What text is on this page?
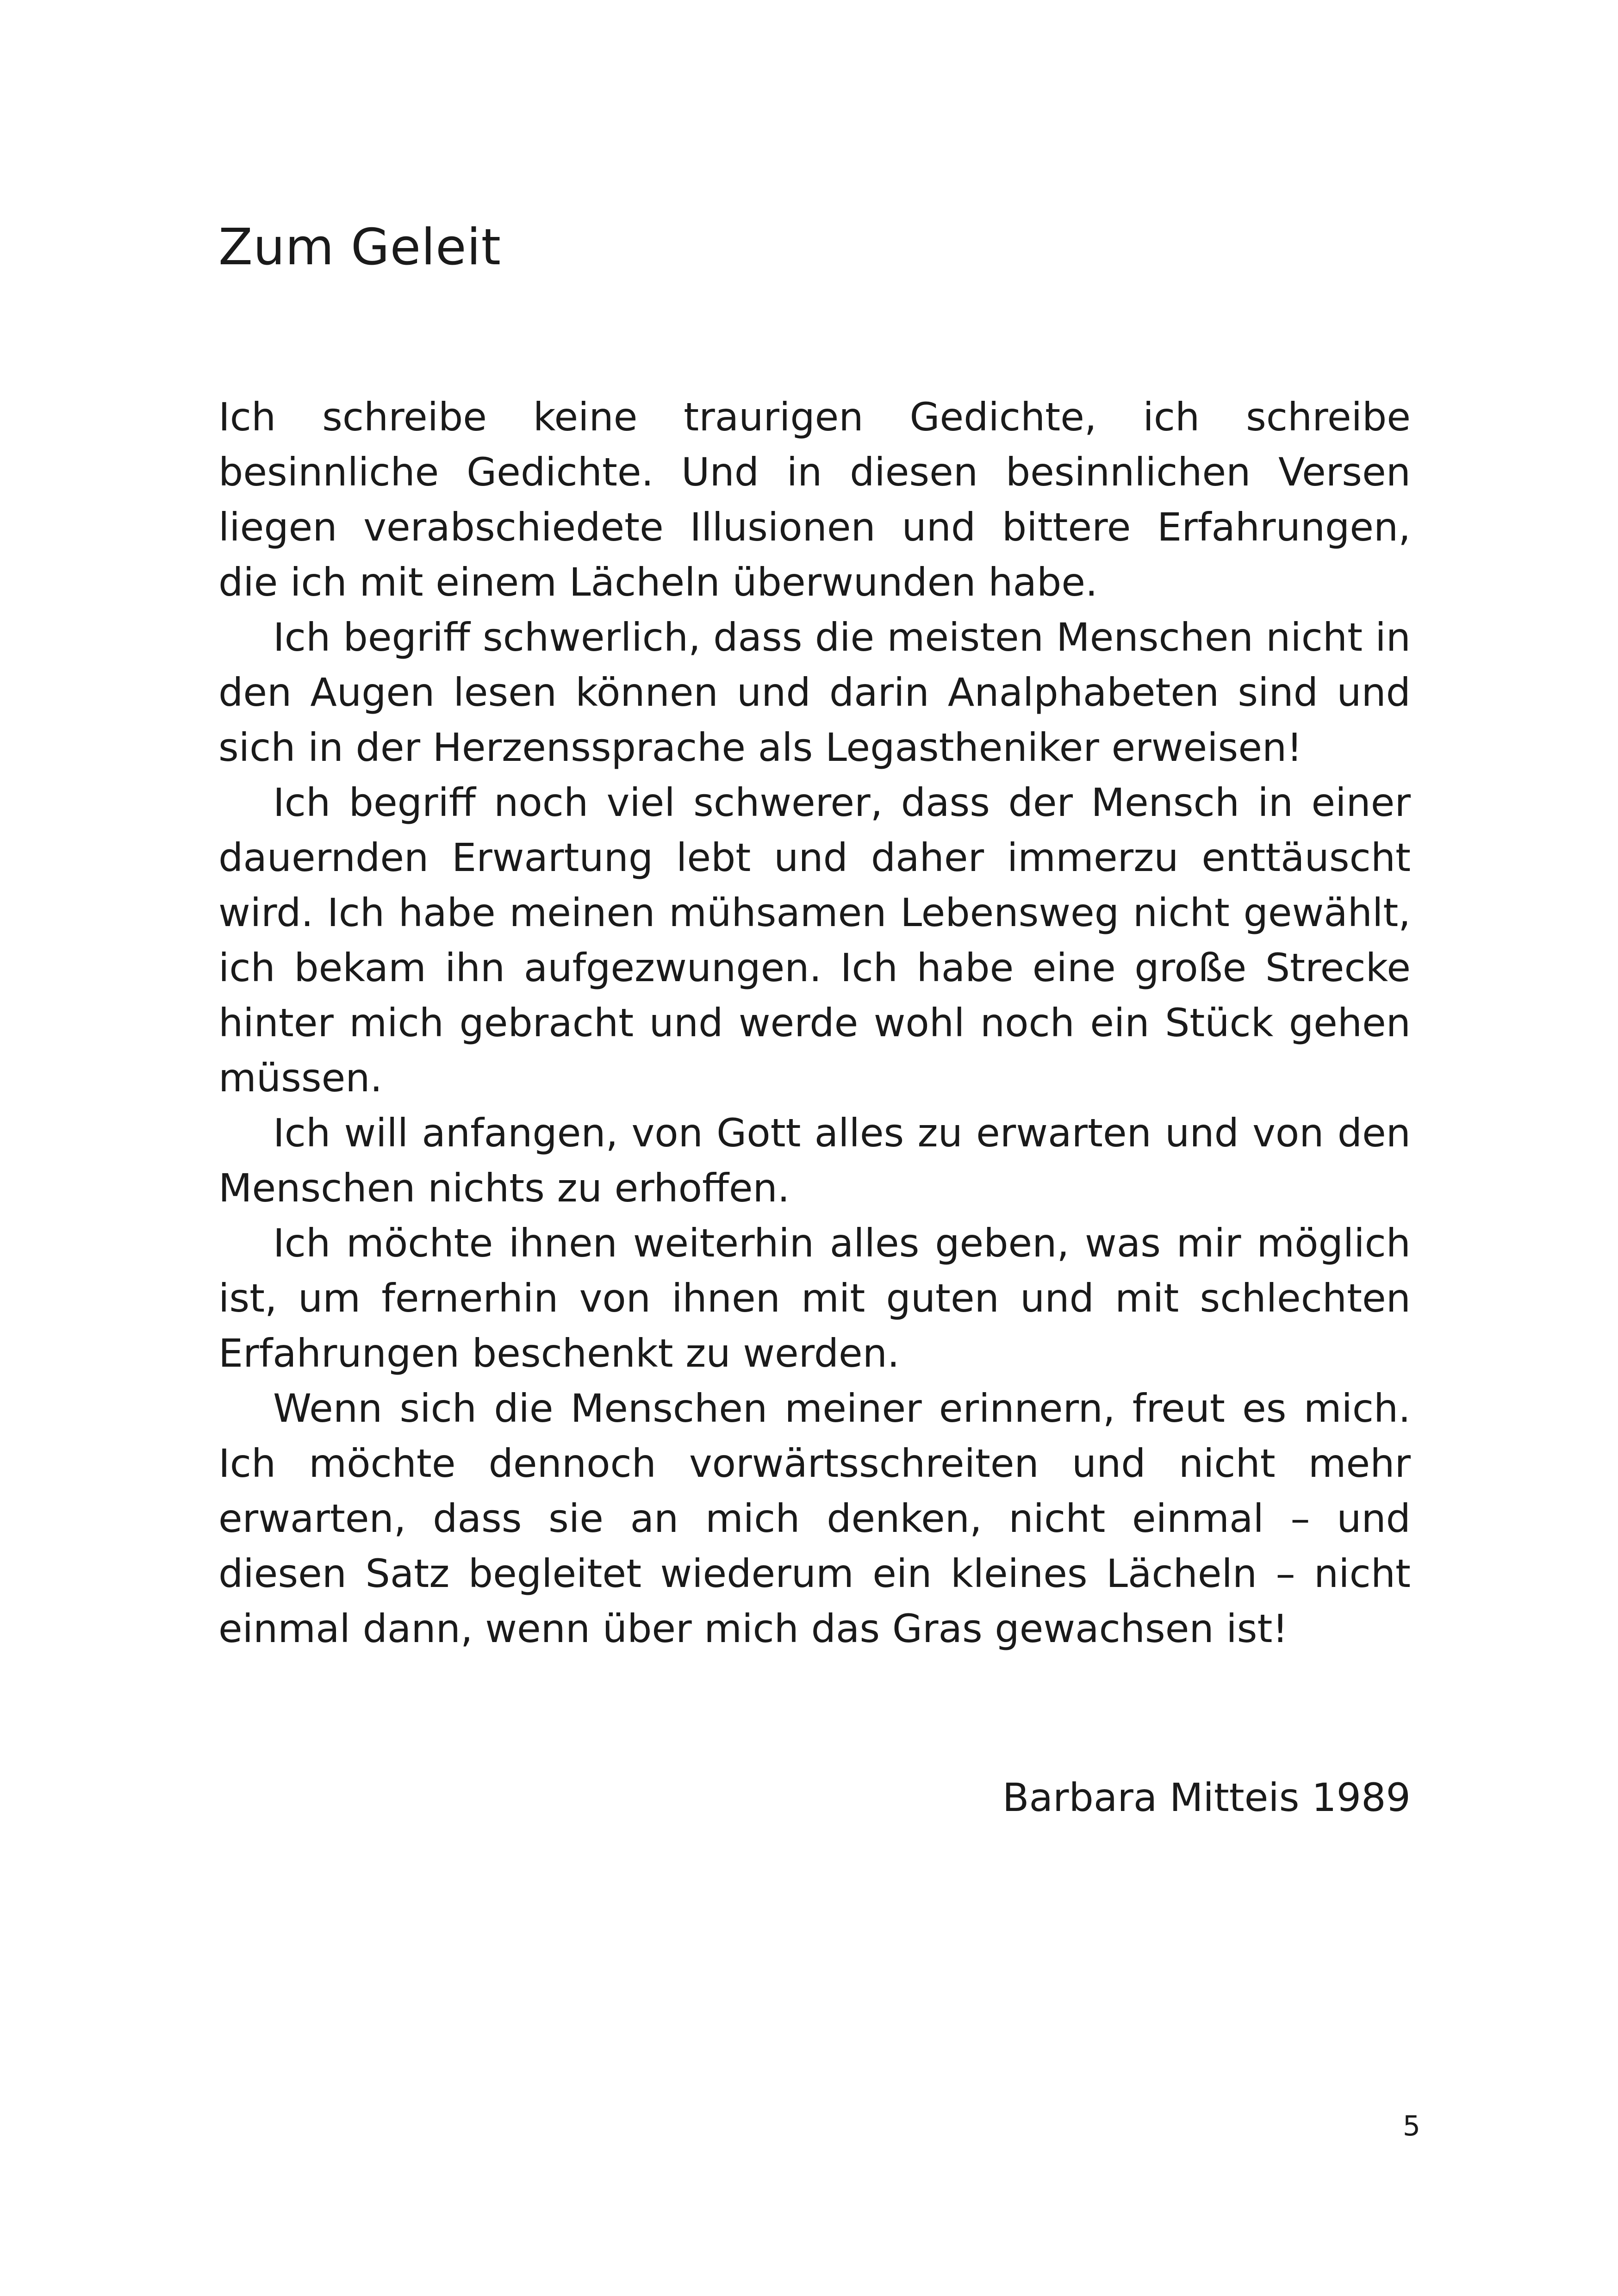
Zum Geleit

Ich schreibe keine traurigen Gedichte, ich schreibe besinnliche Gedichte. Und in diesen besinnlichen Versen liegen verabschiedete Illusionen und bittere Erfahrungen, die ich mit einem Lächeln überwunden habe.

Ich begriff schwerlich, dass die meisten Menschen nicht in den Augen lesen können und darin Analphabeten sind und sich in der Herzenssprache als Legastheniker erweisen!

Ich begriff noch viel schwerer, dass der Mensch in einer dauernden Erwartung lebt und daher immerzu enttäuscht wird. Ich habe meinen mühsamen Lebensweg nicht gewählt, ich bekam ihn aufgezwungen. Ich habe eine große Strecke hinter mich gebracht und werde wohl noch ein Stück gehen müssen.

Ich will anfangen, von Gott alles zu erwarten und von den Menschen nichts zu erhoffen.

Ich möchte ihnen weiterhin alles geben, was mir möglich ist, um fernerhin von ihnen mit guten und mit schlechten Erfahrungen beschenkt zu werden.

Wenn sich die Menschen meiner erinnern, freut es mich. Ich möchte dennoch vorwärtsschreiten und nicht mehr erwarten, dass sie an mich denken, nicht einmal – und diesen Satz begleitet wiederum ein kleines Lächeln – nicht einmal dann, wenn über mich das Gras gewachsen ist!

Barbara Mitteis 1989

5
